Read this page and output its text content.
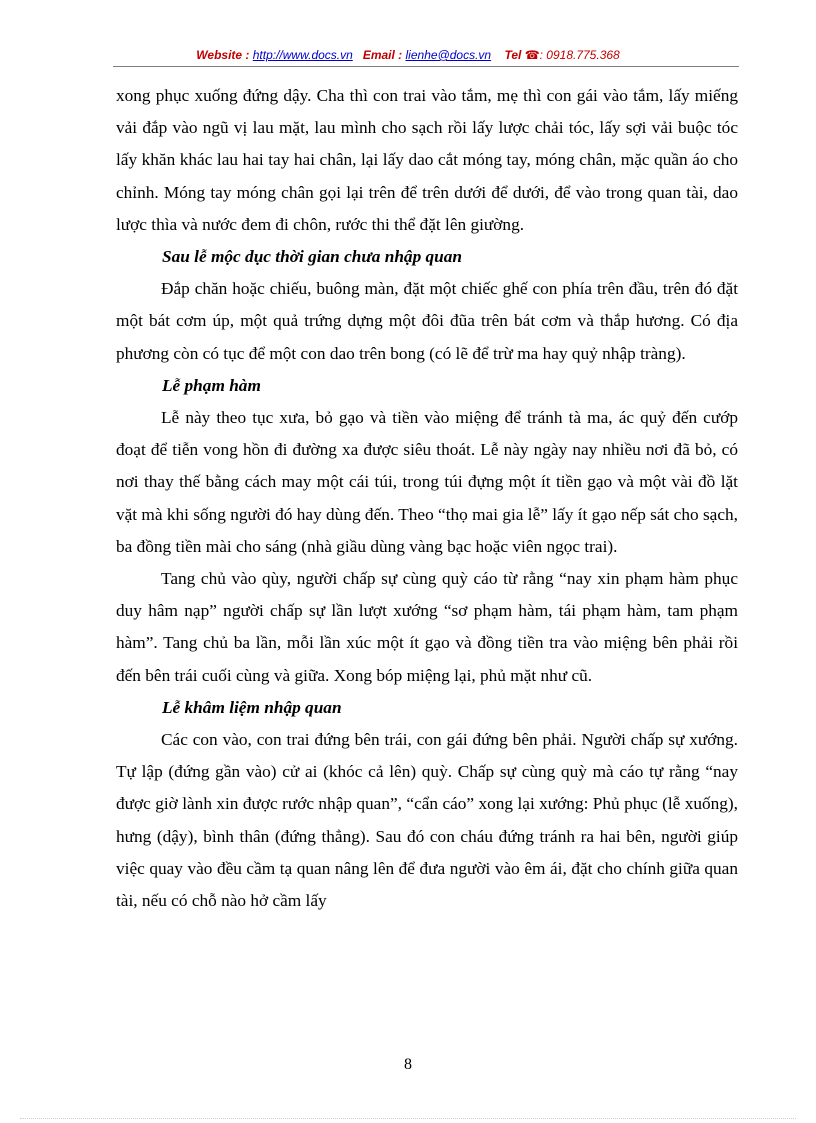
Website : http://www.docs.vn Email : lienhe@docs.vn Tel ☎: 0918.775.368

xong phục xuống đứng dậy. Cha thì con trai vào tắm, mẹ thì con gái vào tắm, lấy miếng vải đắp vào ngũ vị lau mặt, lau mình cho sạch rồi lấy lược chải tóc, lấy sợi vải buộc tóc lấy khăn khác lau hai tay hai chân, lại lấy dao cắt móng tay, móng chân, mặc quần áo cho chỉnh. Móng tay móng chân gọi lại trên để trên dưới để dưới, để vào trong quan tài, dao lược thìa và nước đem đi chôn, rước thi thể đặt lên giường.

Sau lễ mộc dục thời gian chưa nhập quan

Đắp chăn hoặc chiếu, buông màn, đặt một chiếc ghế con phía trên đầu, trên đó đặt một bát cơm úp, một quả trứng dựng một đôi đũa trên bát cơm và thắp hương. Có địa phương còn có tục để một con dao trên bong (có lẽ để trừ ma hay quỷ nhập tràng).

Lễ phạm hàm

Lễ này theo tục xưa, bỏ gạo và tiền vào miệng để tránh tà ma, ác quỷ đến cướp đoạt để tiễn vong hồn đi đường xa được siêu thoát. Lễ này ngày nay nhiều nơi đã bỏ, có nơi thay thế bằng cách may một cái túi, trong túi đựng một ít tiền gạo và một vài đồ lặt vặt mà khi sống người đó hay dùng đến. Theo “thọ mai gia lễ” lấy ít gạo nếp sát cho sạch, ba đồng tiền mài cho sáng (nhà giầu dùng vàng bạc hoặc viên ngọc trai).

Tang chủ vào qùy, người chấp sự cùng quỳ cáo từ rằng “nay xin phạm hàm phục duy hâm nạp” người chấp sự lần lượt xướng “sơ phạm hàm, tái phạm hàm, tam phạm hàm”. Tang chủ ba lần, mỗi lần xúc một ít gạo và đồng tiền tra vào miệng bên phải rồi đến bên trái cuối cùng và giữa. Xong bóp miệng lại, phủ mặt như cũ.

Lễ khâm liệm nhập quan

Các con vào, con trai đứng bên trái, con gái đứng bên phải. Người chấp sự xướng. Tự lập (đứng gần vào) cử ai (khóc cả lên) quỳ. Chấp sự cùng quỳ mà cáo tự rằng “nay được giờ lành xin được rước nhập quan”, “cẩn cáo” xong lại xướng: Phủ phục (lễ xuống), hưng (dậy), bình thân (đứng thẳng). Sau đó con cháu đứng tránh ra hai bên, người giúp việc quay vào đều cầm tạ quan nâng lên để đưa người vào êm ái, đặt cho chính giữa quan tài, nếu có chỗ nào hở cầm lấy

8
